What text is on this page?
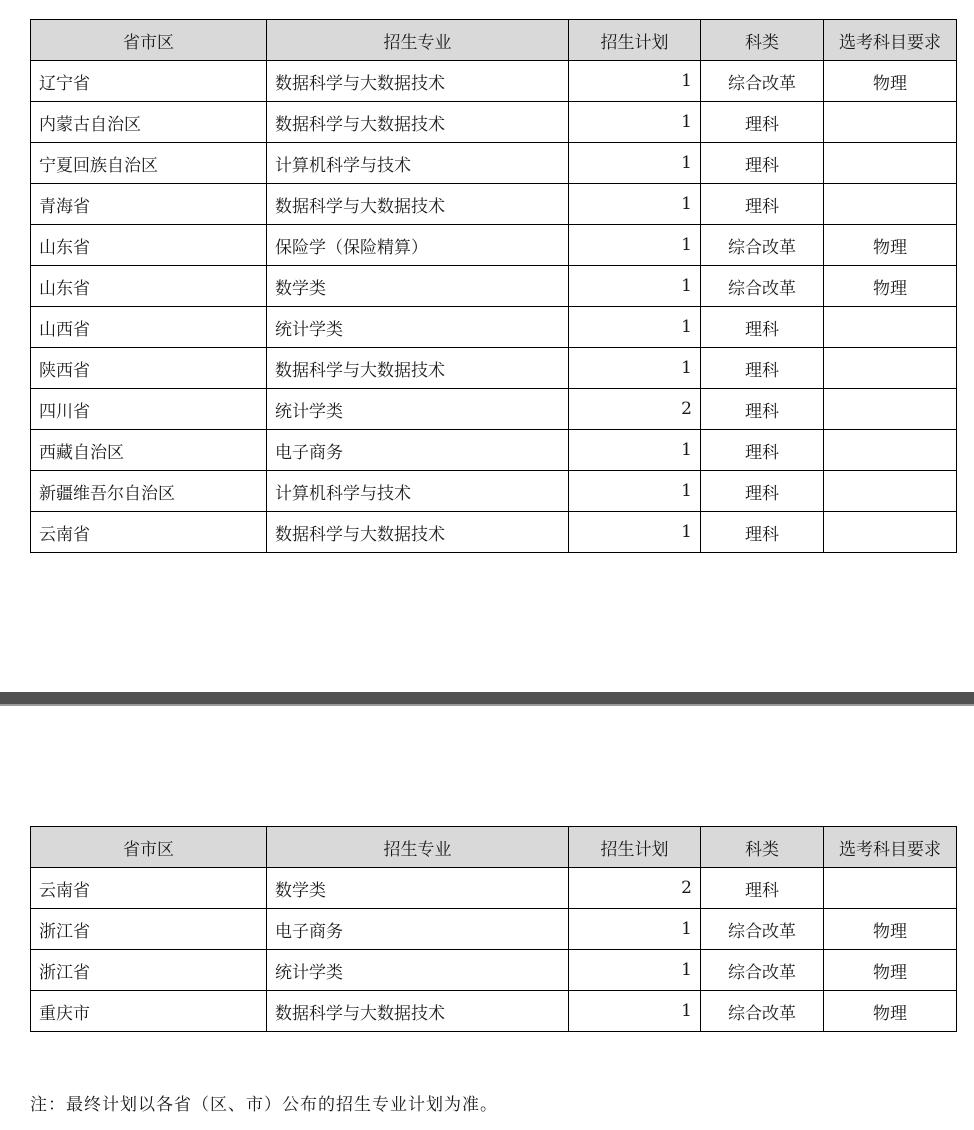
省市区	招生专业	招生计划	科类	选考科目要求
辽宁省	数据科学与大数据技术	1	综合改革	物理
内蒙古自治区	数据科学与大数据技术	1	理科	
宁夏回族自治区	计算机科学与技术	1	理科	
青海省	数据科学与大数据技术	1	理科	
山东省	保险学（保险精算）	1	综合改革	物理
山东省	数学类	1	综合改革	物理
山西省	统计学类	1	理科	
陕西省	数据科学与大数据技术	1	理科	
四川省	统计学类	2	理科	
西藏自治区	电子商务	1	理科	
新疆维吾尔自治区	计算机科学与技术	1	理科	
云南省	数据科学与大数据技术	1	理科	
省市区	招生专业	招生计划	科类	选考科目要求
云南省	数学类	2	理科	
浙江省	电子商务	1	综合改革	物理
浙江省	统计学类	1	综合改革	物理
重庆市	数据科学与大数据技术	1	综合改革	物理
注：最终计划以各省（区、市）公布的招生专业计划为准。
